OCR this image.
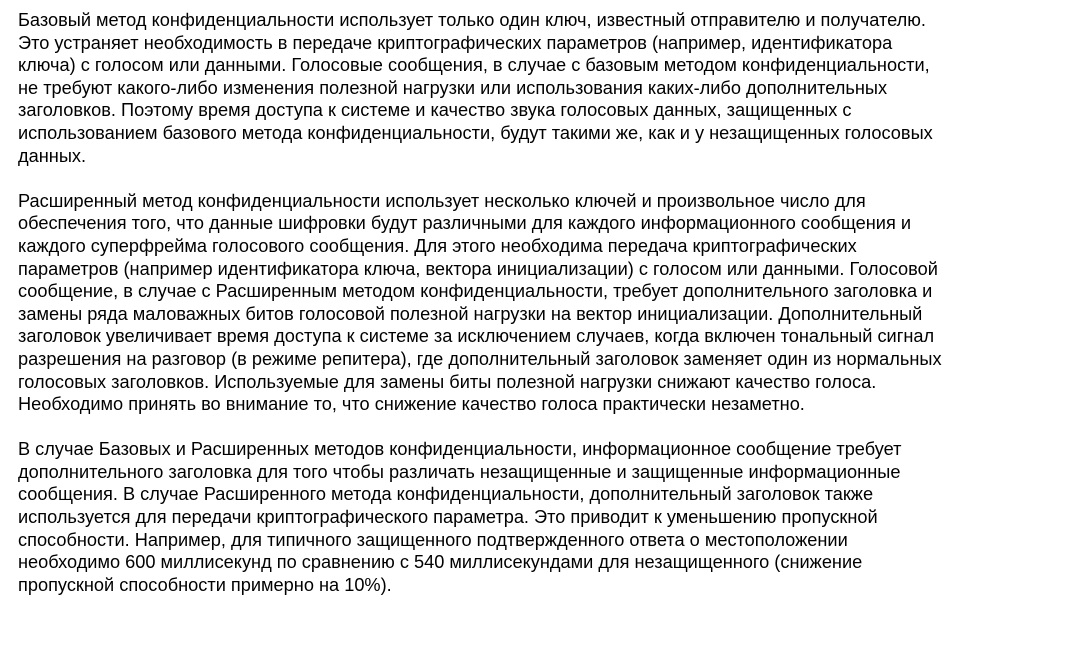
Базовый метод конфиденциальности использует только один ключ, известный отправителю и получателю.
Это устраняет необходимость в передаче криптографических параметров (например, идентификатора
ключа) с голосом или данными. Голосовые сообщения, в случае с базовым методом конфиденциальности,
не требуют какого-либо изменения полезной нагрузки или использования каких-либо дополнительных
заголовков. Поэтому время доступа к системе и качество звука голосовых данных, защищенных с
использованием базового метода конфиденциальности, будут такими же, как и у незащищенных голосовых
данных.

Расширенный метод конфиденциальности использует несколько ключей и произвольное число для
обеспечения того, что данные шифровки будут различными для каждого информационного сообщения и
каждого суперфрейма голосового сообщения. Для этого необходима передача криптографических
параметров (например идентификатора ключа, вектора инициализации) с голосом или данными. Голосовой
сообщение, в случае с Расширенным методом конфиденциальности, требует дополнительного заголовка и
замены ряда маловажных битов голосовой полезной нагрузки на вектор инициализации. Дополнительный
заголовок увеличивает время доступа к системе за исключением случаев, когда включен тональный сигнал
разрешения на разговор (в режиме репитера), где дополнительный заголовок заменяет один из нормальных
голосовых заголовков. Используемые для замены биты полезной нагрузки снижают качество голоса.
Необходимо принять во внимание то, что снижение качество голоса практически незаметно.

В случае Базовых и Расширенных методов конфиденциальности, информационное сообщение требует
дополнительного заголовка для того чтобы различать незащищенные и защищенные информационные
сообщения. В случае Расширенного метода конфиденциальности, дополнительный заголовок также
используется для передачи криптографического параметра. Это приводит к уменьшению пропускной
способности. Например, для типичного защищенного подтвержденного ответа о местоположении
необходимо 600 миллисекунд по сравнению с 540 миллисекундами для незащищенного (снижение
пропускной способности примерно на 10%).
